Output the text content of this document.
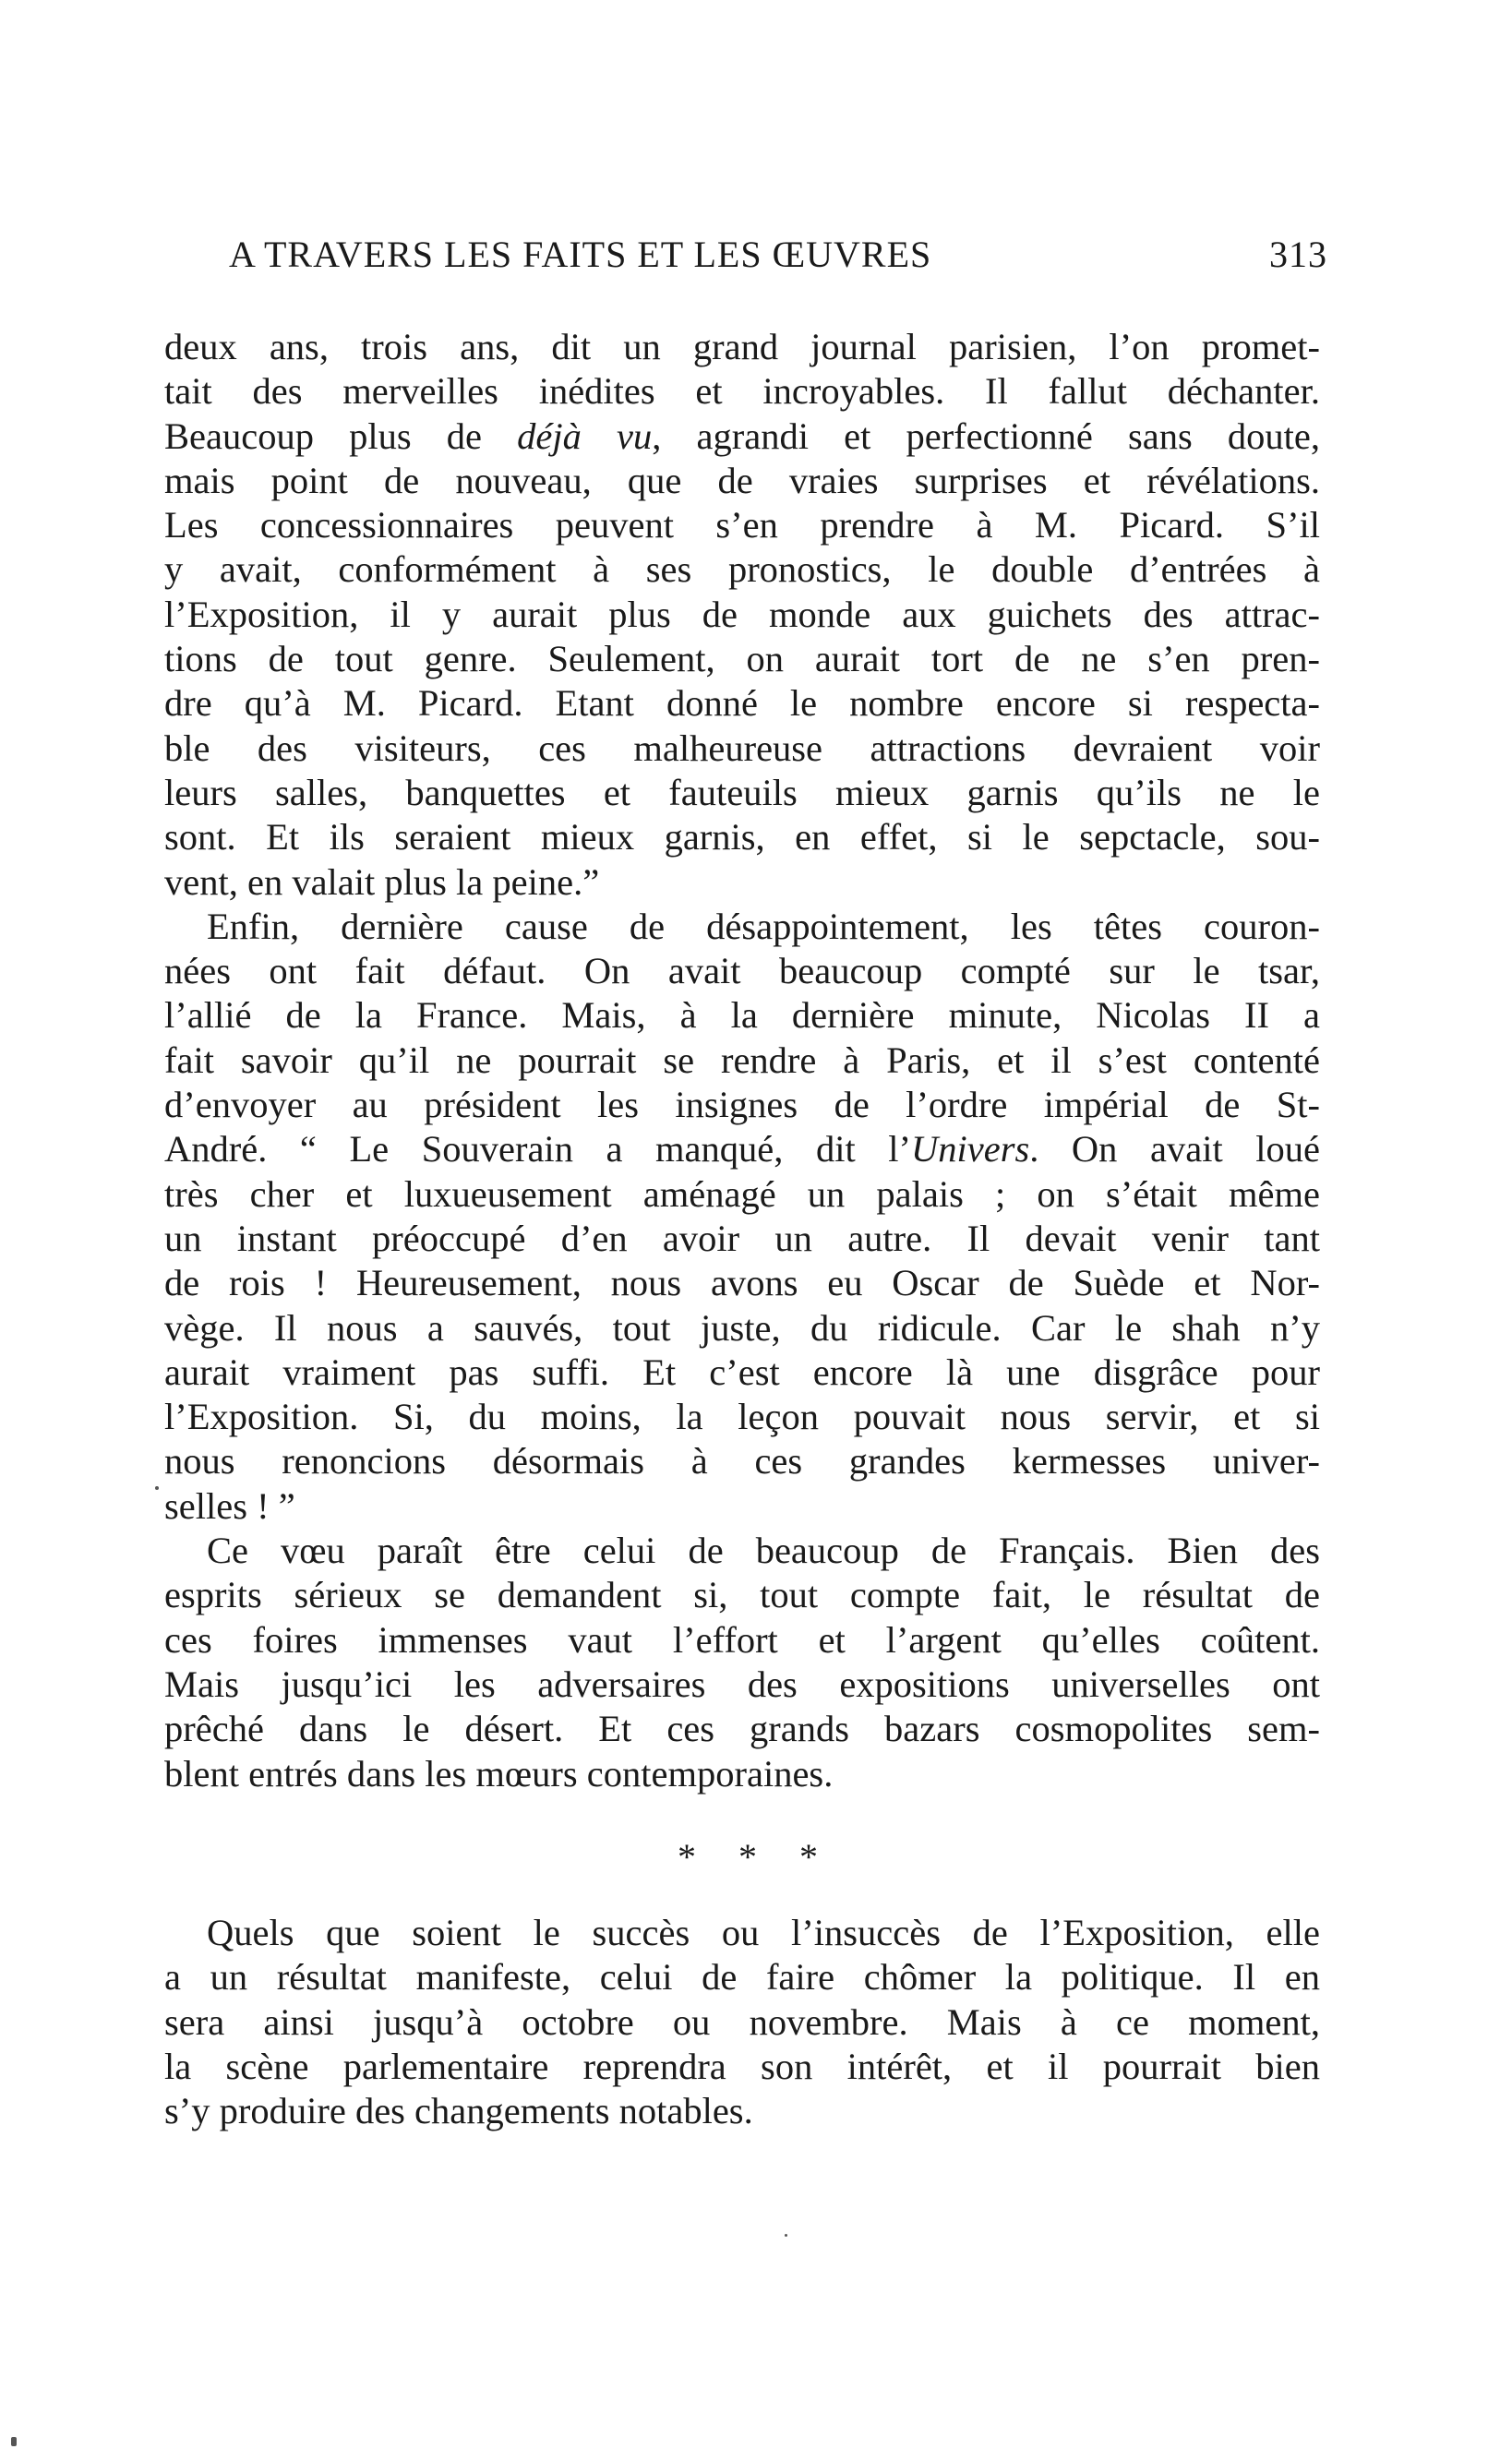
A TRAVERS LES FAITS ET LES ŒUVRES	313
deux ans, trois ans, dit un grand journal parisien, l’on promet-
tait des merveilles inédites et incroyables. Il fallut déchanter.
Beaucoup plus de déjà vu, agrandi et perfectionné sans doute,
mais point de nouveau, que de vraies surprises et révélations.
Les concessionnaires peuvent s’en prendre à M. Picard. S’il
y avait, conformément à ses pronostics, le double d’entrées à
l’Exposition, il y aurait plus de monde aux guichets des attrac-
tions de tout genre. Seulement, on aurait tort de ne s’en pren-
dre qu’à M. Picard. Etant donné le nombre encore si respecta-
ble des visiteurs, ces malheureuse attractions devraient voir
leurs salles, banquettes et fauteuils mieux garnis qu’ils ne le
sont. Et ils seraient mieux garnis, en effet, si le sepctacle, sou-
vent, en valait plus la peine.”
Enfin, dernière cause de désappointement, les têtes couron-
nées ont fait défaut. On avait beaucoup compté sur le tsar,
l’allié de la France. Mais, à la dernière minute, Nicolas II a
fait savoir qu’il ne pourrait se rendre à Paris, et il s’est contenté
d’envoyer au président les insignes de l’ordre impérial de St-
André. “ Le Souverain a manqué, dit l’Univers. On avait loué
très cher et luxueusement aménagé un palais ; on s’était même
un instant préoccupé d’en avoir un autre. Il devait venir tant
de rois ! Heureusement, nous avons eu Oscar de Suède et Nor-
vège. Il nous a sauvés, tout juste, du ridicule. Car le shah n’y
aurait vraiment pas suffi. Et c’est encore là une disgrâce pour
l’Exposition. Si, du moins, la leçon pouvait nous servir, et si
nous renoncions désormais à ces grandes kermesses univer-
selles ! ”
Ce vœu paraît être celui de beaucoup de Français. Bien des
esprits sérieux se demandent si, tout compte fait, le résultat de
ces foires immenses vaut l’effort et l’argent qu’elles coûtent.
Mais jusqu’ici les adversaires des expositions universelles ont
prêché dans le désert. Et ces grands bazars cosmopolites sem-
blent entrés dans les mœurs contemporaines.
* * *
Quels que soient le succès ou l’insuccès de l’Exposition, elle
a un résultat manifeste, celui de faire chômer la politique. Il en
sera ainsi jusqu’à octobre ou novembre. Mais à ce moment,
la scène parlementaire reprendra son intérêt, et il pourrait bien
s’y produire des changements notables.
